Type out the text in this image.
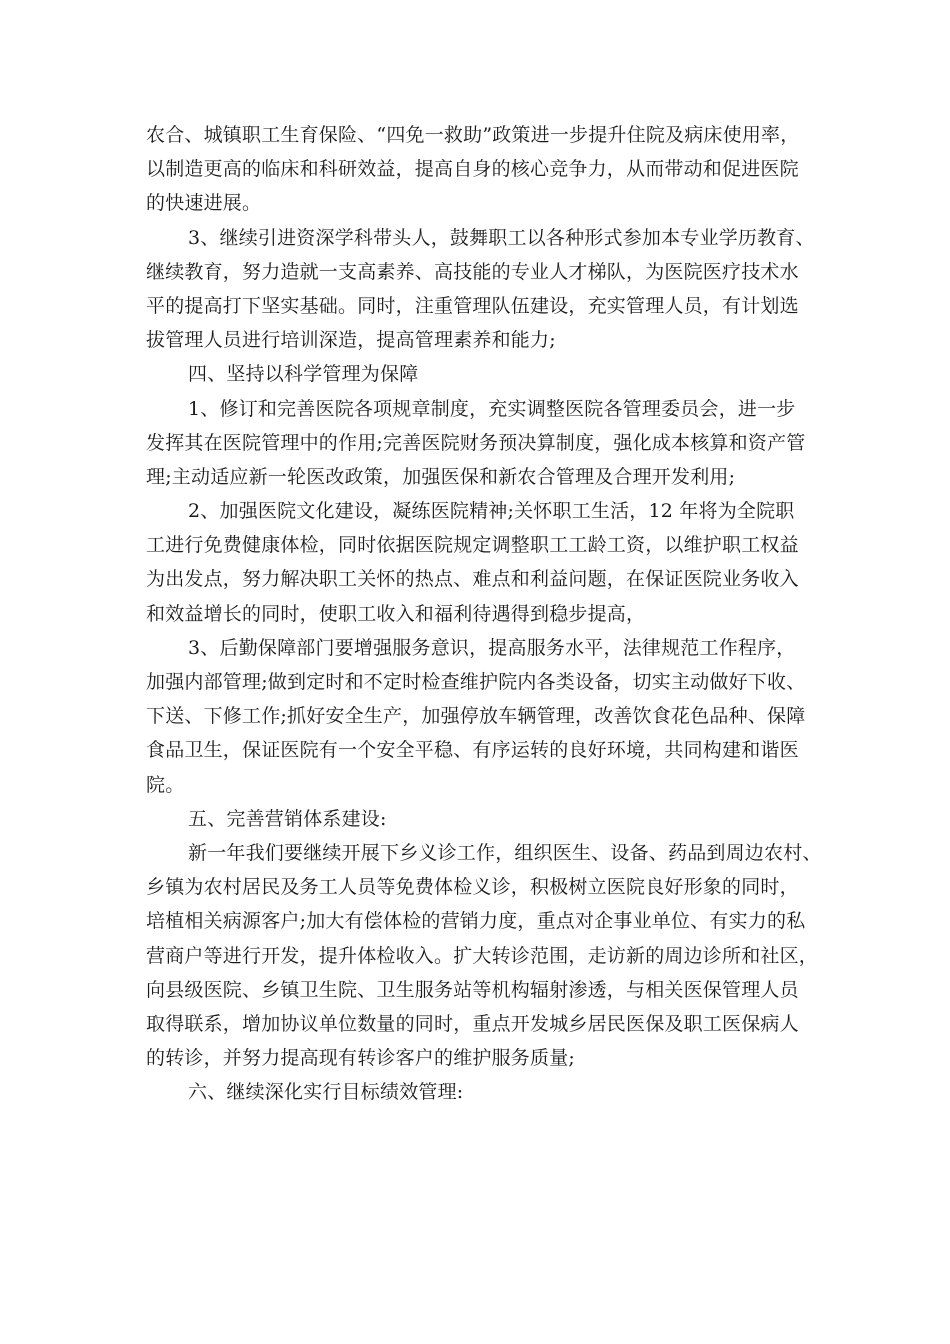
农合、城镇职工生育保险、“四免一救助”政策进一步提升住院及病床使用率，
以制造更高的临床和科研效益，提高自身的核心竞争力，从而带动和促进医院
的快速进展。
3、继续引进资深学科带头人，鼓舞职工以各种形式参加本专业学历教育、
继续教育，努力造就一支高素养、高技能的专业人才梯队，为医院医疗技术水
平的提高打下坚实基础。同时，注重管理队伍建设，充实管理人员，有计划选
拔管理人员进行培训深造，提高管理素养和能力;
四、坚持以科学管理为保障
1、修订和完善医院各项规章制度，充实调整医院各管理委员会，进一步
发挥其在医院管理中的作用;完善医院财务预决算制度，强化成本核算和资产管
理;主动适应新一轮医改政策，加强医保和新农合管理及合理开发利用;
2、加强医院文化建设，凝练医院精神;关怀职工生活，12 年将为全院职
工进行免费健康体检，同时依据医院规定调整职工工龄工资，以维护职工权益
为出发点，努力解决职工关怀的热点、难点和利益问题，在保证医院业务收入
和效益增长的同时，使职工收入和福利待遇得到稳步提高，
3、后勤保障部门要增强服务意识，提高服务水平，法律规范工作程序，
加强内部管理;做到定时和不定时检查维护院内各类设备，切实主动做好下收、
下送、下修工作;抓好安全生产，加强停放车辆管理，改善饮食花色品种、保障
食品卫生，保证医院有一个安全平稳、有序运转的良好环境，共同构建和谐医
院。
五、完善营销体系建设:
新一年我们要继续开展下乡义诊工作，组织医生、设备、药品到周边农村、
乡镇为农村居民及务工人员等免费体检义诊，积极树立医院良好形象的同时，
培植相关病源客户;加大有偿体检的营销力度，重点对企事业单位、有实力的私
营商户等进行开发，提升体检收入。扩大转诊范围，走访新的周边诊所和社区，
向县级医院、乡镇卫生院、卫生服务站等机构辐射渗透，与相关医保管理人员
取得联系，增加协议单位数量的同时，重点开发城乡居民医保及职工医保病人
的转诊，并努力提高现有转诊客户的维护服务质量;
六、继续深化实行目标绩效管理:
